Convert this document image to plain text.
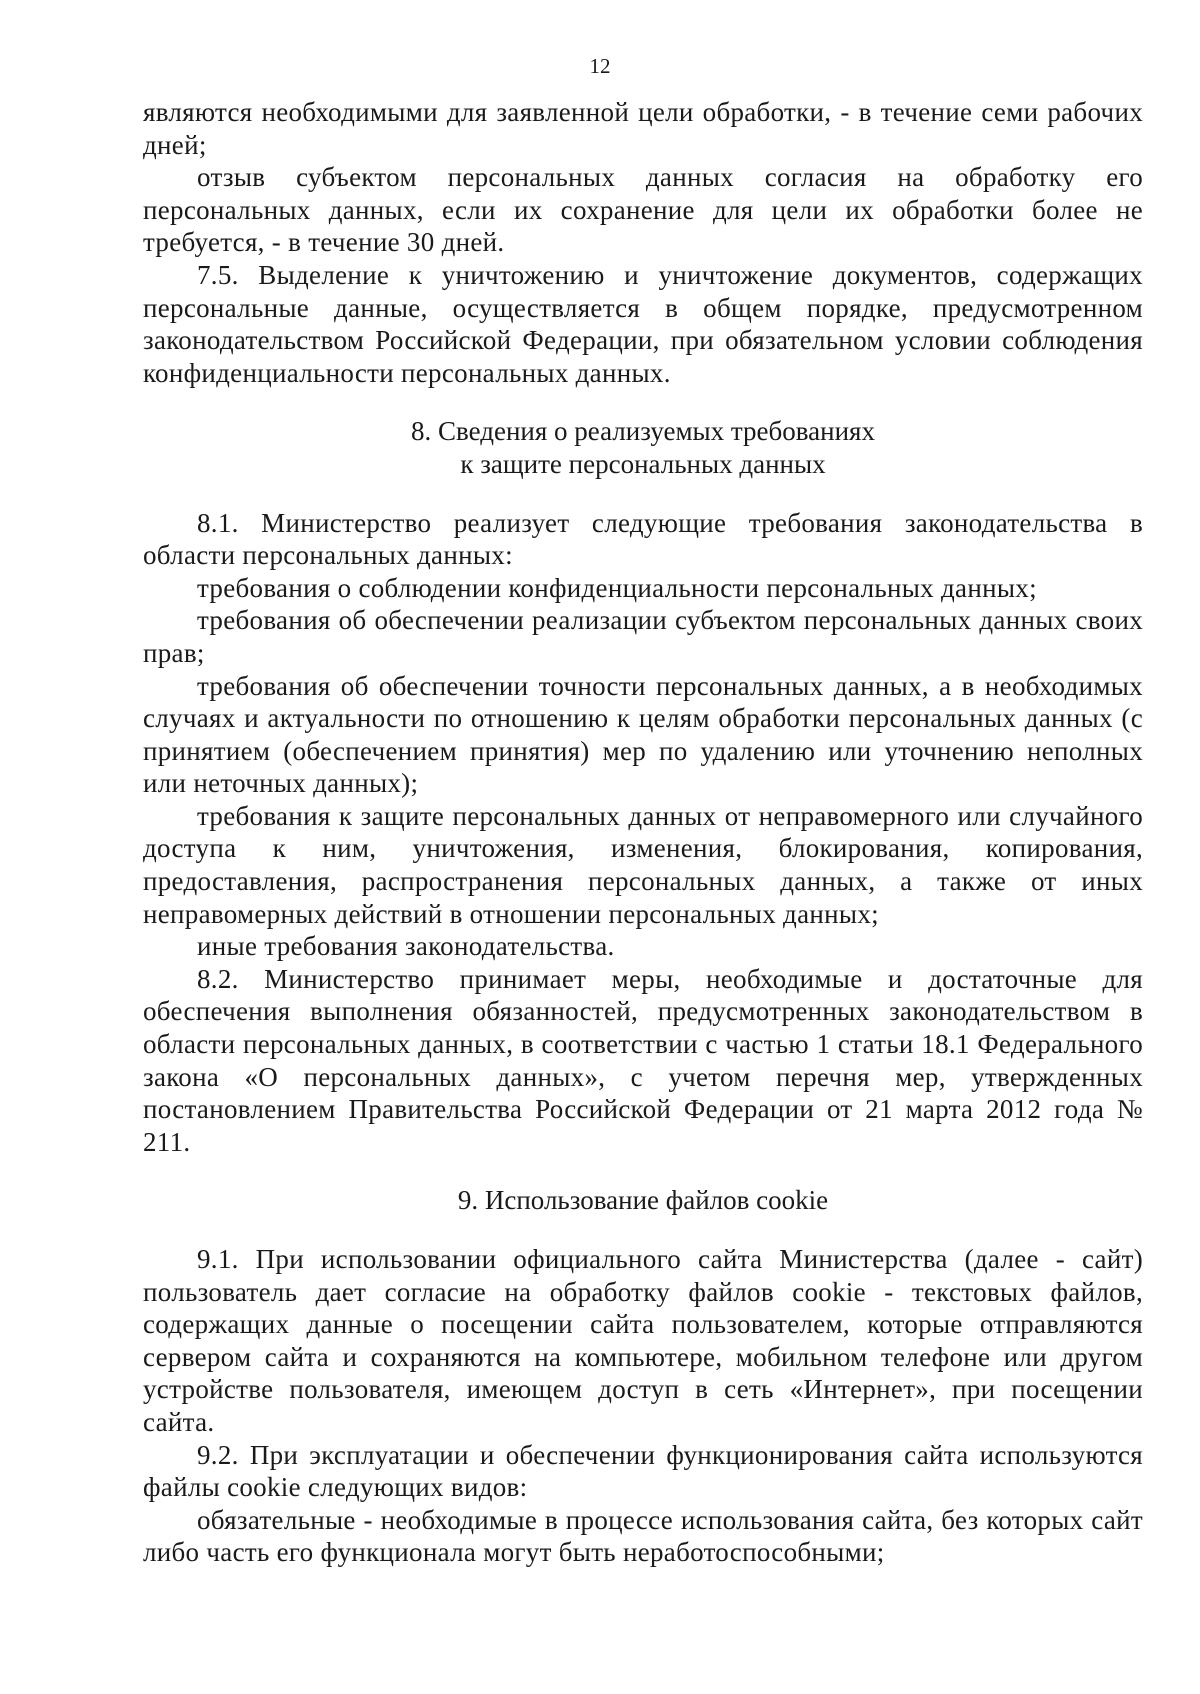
12

являются необходимыми для заявленной цели обработки, - в течение семи рабочих дней;

отзыв субъектом персональных данных согласия на обработку его персональных данных, если их сохранение для цели их обработки более не требуется, - в течение 30 дней.

7.5. Выделение к уничтожению и уничтожение документов, содержащих персональные данные, осуществляется в общем порядке, предусмотренном законодательством Российской Федерации, при обязательном условии соблюдения конфиденциальности персональных данных.

8. Сведения о реализуемых требованиях
к защите персональных данных

8.1. Министерство реализует следующие требования законодательства в области персональных данных:

требования о соблюдении конфиденциальности персональных данных;

требования об обеспечении реализации субъектом персональных данных своих прав;

требования об обеспечении точности персональных данных, а в необходимых случаях и актуальности по отношению к целям обработки персональных данных (с принятием (обеспечением принятия) мер по удалению или уточнению неполных или неточных данных);

требования к защите персональных данных от неправомерного или случайного доступа к ним, уничтожения, изменения, блокирования, копирования, предоставления, распространения персональных данных, а также от иных неправомерных действий в отношении персональных данных;

иные требования законодательства.

8.2. Министерство принимает меры, необходимые и достаточные для обеспечения выполнения обязанностей, предусмотренных законодательством в области персональных данных, в соответствии с частью 1 статьи 18.1 Федерального закона «О персональных данных», с учетом перечня мер, утвержденных постановлением Правительства Российской Федерации от 21 марта 2012 года № 211.

9. Использование файлов cookie

9.1. При использовании официального сайта Министерства (далее - сайт) пользователь дает согласие на обработку файлов cookie - текстовых файлов, содержащих данные о посещении сайта пользователем, которые отправляются сервером сайта и сохраняются на компьютере, мобильном телефоне или другом устройстве пользователя, имеющем доступ в сеть «Интернет», при посещении сайта.

9.2. При эксплуатации и обеспечении функционирования сайта используются файлы cookie следующих видов:

обязательные - необходимые в процессе использования сайта, без которых сайт либо часть его функционала могут быть неработоспособными;
